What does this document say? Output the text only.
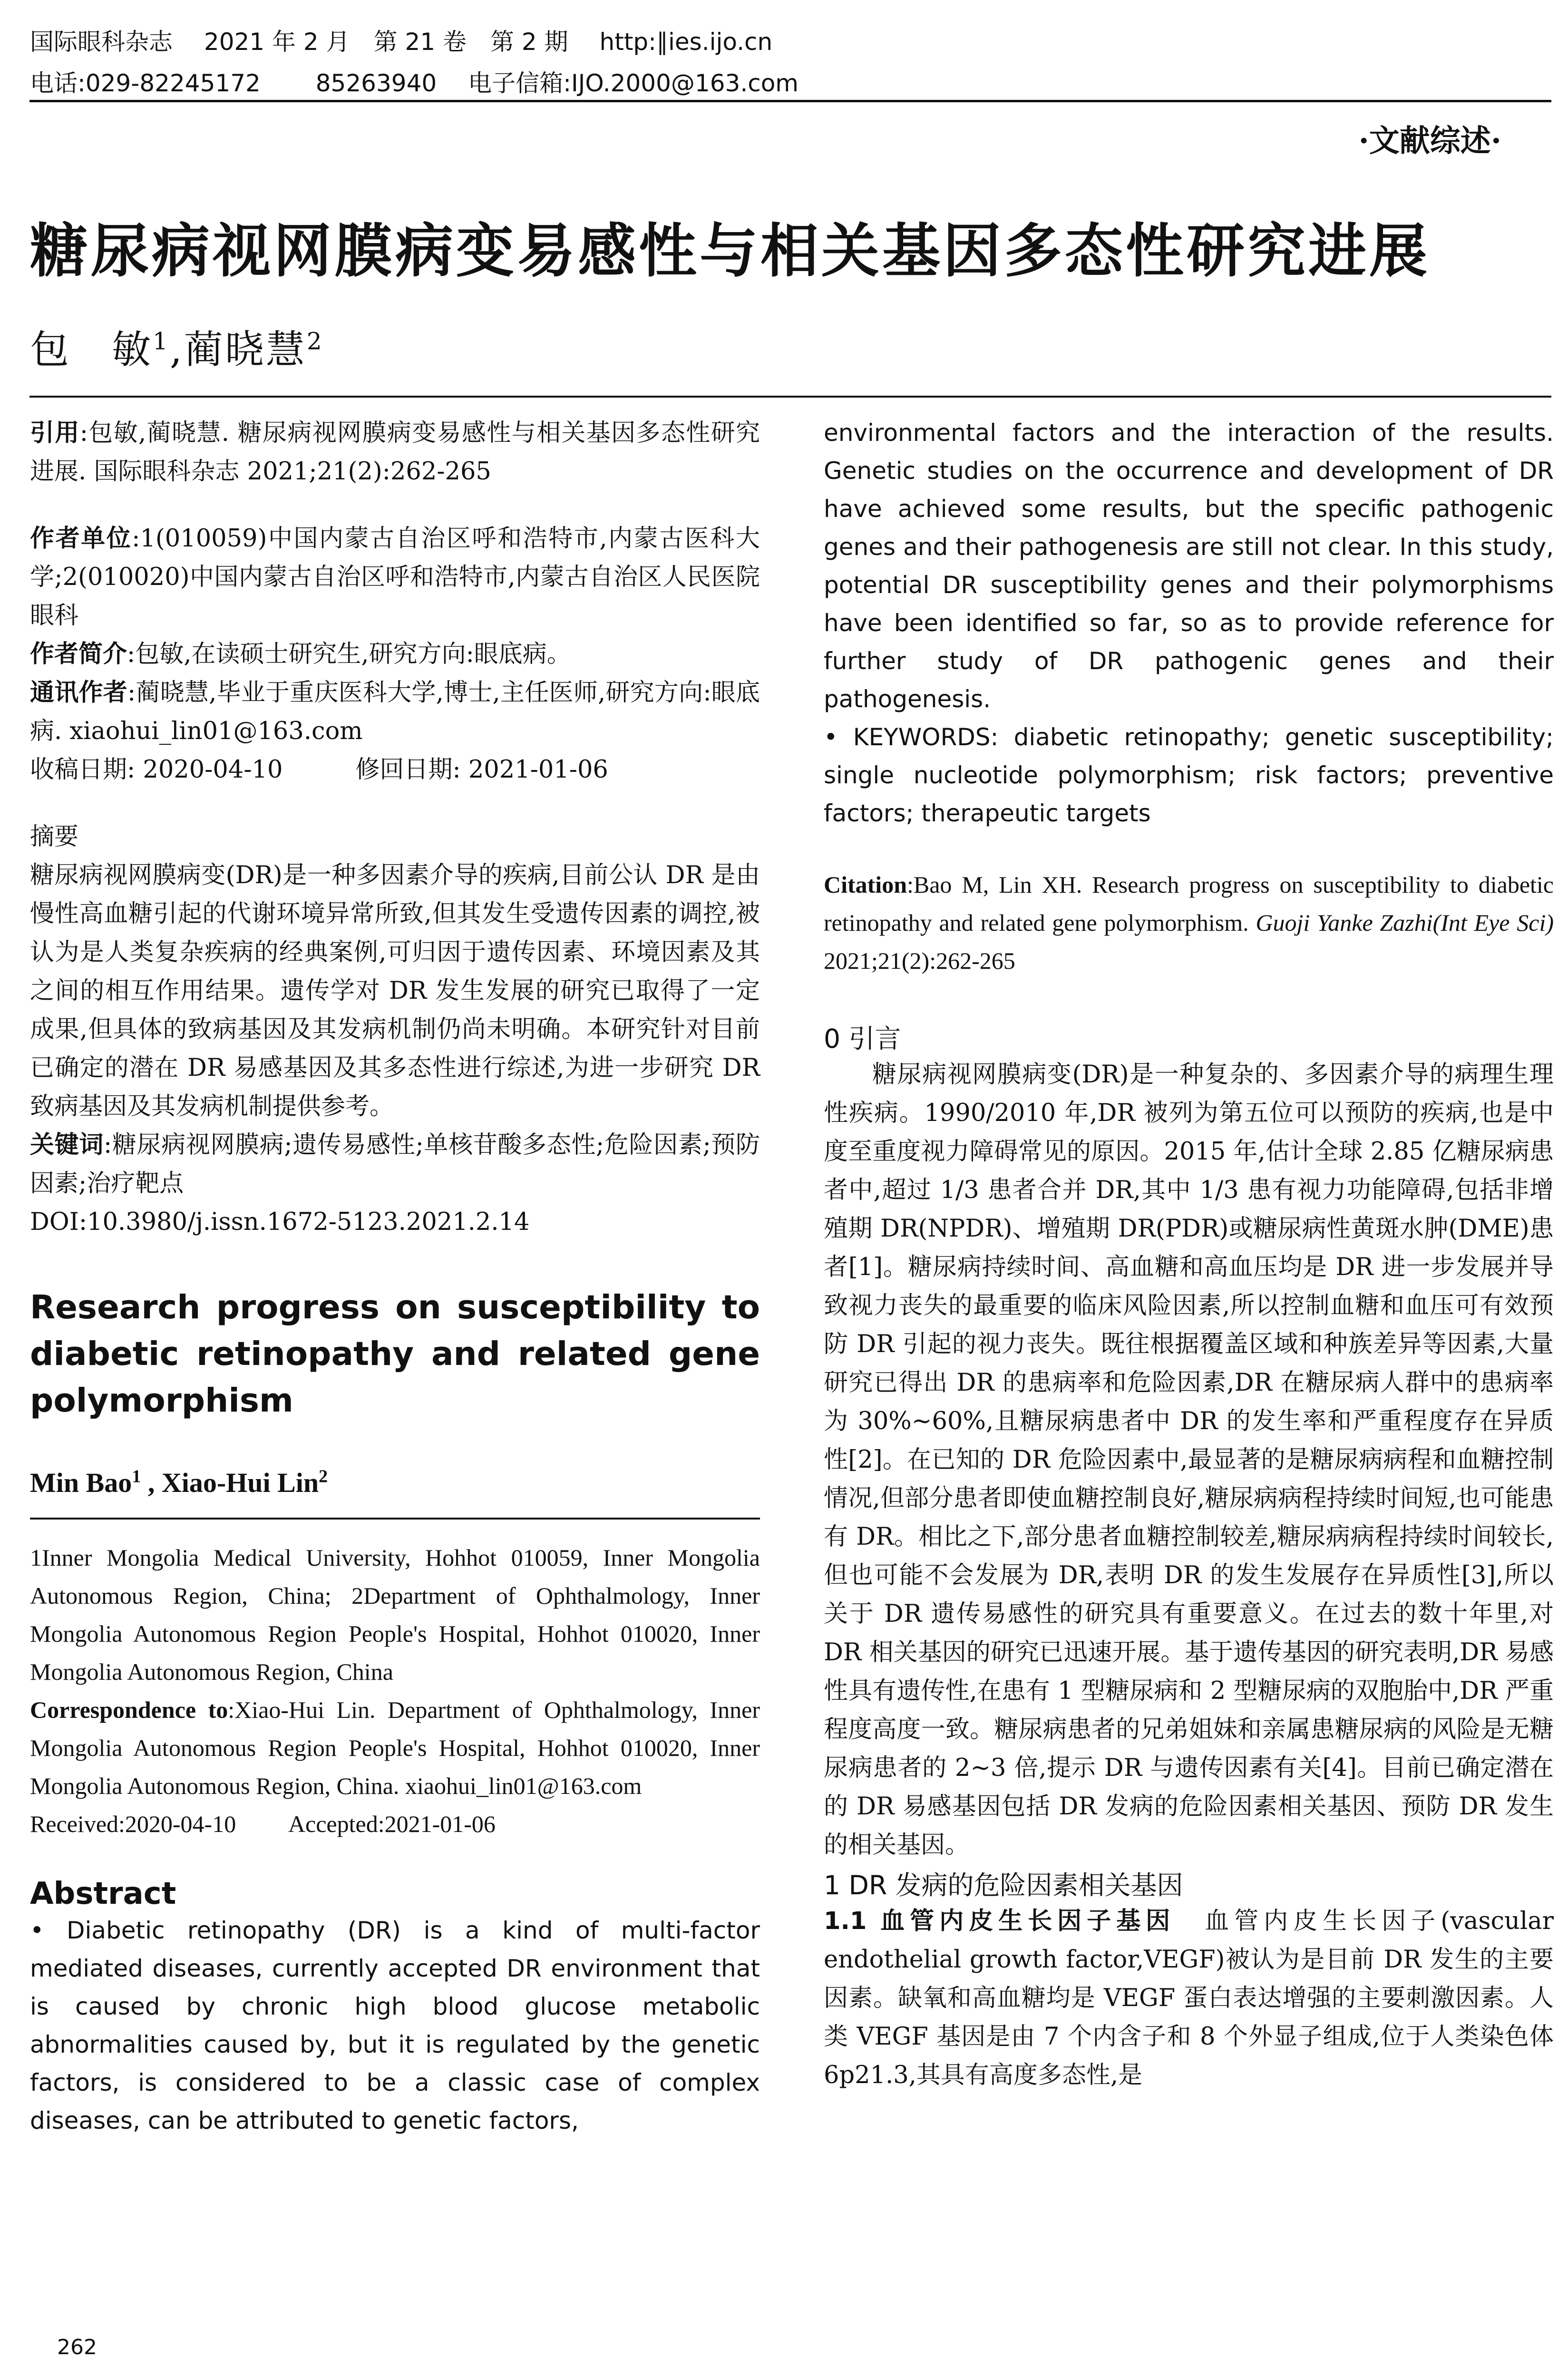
国际眼科杂志　 2021 年 2 月　第 21 卷　第 2 期　 http:∥ies.ijo.cn
电话:029-82245172　　 85263940　 电子信箱:IJO.2000@163.com
·文献综述·
糖尿病视网膜病变易感性与相关基因多态性研究进展
包　敏$^1$,蔺晓慧$^2$

引用:包敏,蔺晓慧. 糖尿病视网膜病变易感性与相关基因多态性研究进展. 国际眼科杂志 2021;21(2):262-265

作者单位:1(010059)中国内蒙古自治区呼和浩特市,内蒙古医科大学;2(010020)中国内蒙古自治区呼和浩特市,内蒙古自治区人民医院眼科

作者简介:包敏,在读硕士研究生,研究方向:眼底病。

通讯作者:蔺晓慧,毕业于重庆医科大学,博士,主任医师,研究方向:眼底病. xiaohui_lin01@163.com

收稿日期: 2020-04-10　　　修回日期: 2021-01-06

摘要

糖尿病视网膜病变(DR)是一种多因素介导的疾病,目前公认 DR 是由慢性高血糖引起的代谢环境异常所致,但其发生受遗传因素的调控,被认为是人类复杂疾病的经典案例,可归因于遗传因素、环境因素及其之间的相互作用结果。遗传学对 DR 发生发展的研究已取得了一定成果,但具体的致病基因及其发病机制仍尚未明确。本研究针对目前已确定的潜在 DR 易感基因及其多态性进行综述,为进一步研究 DR 致病基因及其发病机制提供参考。

关键词:糖尿病视网膜病;遗传易感性;单核苷酸多态性;危险因素;预防因素;治疗靶点

DOI:10.3980/j.issn.1672-5123.2021.2.14

Research progress on susceptibility to diabetic retinopathy and related gene polymorphism

Min Bao$^1$ , Xiao-Hui Lin$^2$

1Inner Mongolia Medical University, Hohhot 010059, Inner Mongolia Autonomous Region, China; 2Department of Ophthalmology, Inner Mongolia Autonomous Region People's Hospital, Hohhot 010020, Inner Mongolia Autonomous Region, China

Correspondence to:Xiao-Hui Lin. Department of Ophthalmology, Inner Mongolia Autonomous Region People's Hospital, Hohhot 010020, Inner Mongolia Autonomous Region, China. xiaohui_lin01@163.com

Received:2020-04-10　　 Accepted:2021-01-06

Abstract

• Diabetic retinopathy (DR) is a kind of multi-factor mediated diseases, currently accepted DR environment that is caused by chronic high blood glucose metabolic abnormalities caused by, but it is regulated by the genetic factors, is considered to be a classic case of complex diseases, can be attributed to genetic factors,

environmental factors and the interaction of the results. Genetic studies on the occurrence and development of DR have achieved some results, but the specific pathogenic genes and their pathogenesis are still not clear. In this study, potential DR susceptibility genes and their polymorphisms have been identified so far, so as to provide reference for further study of DR pathogenic genes and their pathogenesis.

• KEYWORDS: diabetic retinopathy; genetic susceptibility; single nucleotide polymorphism; risk factors; preventive factors; therapeutic targets

Citation:Bao M, Lin XH. Research progress on susceptibility to diabetic retinopathy and related gene polymorphism. Guoji Yanke Zazhi(Int Eye Sci) 2021;21(2):262-265

0 引言

糖尿病视网膜病变(DR)是一种复杂的、多因素介导的病理生理性疾病。1990/2010 年,DR 被列为第五位可以预防的疾病,也是中度至重度视力障碍常见的原因。2015 年,估计全球 2.85 亿糖尿病患者中,超过 1/3 患者合并 DR,其中 1/3 患有视力功能障碍,包括非增殖期 DR(NPDR)、增殖期 DR(PDR)或糖尿病性黄斑水肿(DME)患者[1]。糖尿病持续时间、高血糖和高血压均是 DR 进一步发展并导致视力丧失的最重要的临床风险因素,所以控制血糖和血压可有效预防 DR 引起的视力丧失。既往根据覆盖区域和种族差异等因素,大量研究已得出 DR 的患病率和危险因素,DR 在糖尿病人群中的患病率为 30%~60%,且糖尿病患者中 DR 的发生率和严重程度存在异质性[2]。在已知的 DR 危险因素中,最显著的是糖尿病病程和血糖控制情况,但部分患者即使血糖控制良好,糖尿病病程持续时间短,也可能患有 DR。相比之下,部分患者血糖控制较差,糖尿病病程持续时间较长,但也可能不会发展为 DR,表明 DR 的发生发展存在异质性[3],所以关于 DR 遗传易感性的研究具有重要意义。在过去的数十年里,对 DR 相关基因的研究已迅速开展。基于遗传基因的研究表明,DR 易感性具有遗传性,在患有 1 型糖尿病和 2 型糖尿病的双胞胎中,DR 严重程度高度一致。糖尿病患者的兄弟姐妹和亲属患糖尿病的风险是无糖尿病患者的 2~3 倍,提示 DR 与遗传因素有关[4]。目前已确定潜在的 DR 易感基因包括 DR 发病的危险因素相关基因、预防 DR 发生的相关基因。

1 DR 发病的危险因素相关基因

1.1 血管内皮生长因子基因　血管内皮生长因子(vascular endothelial growth factor,VEGF)被认为是目前 DR 发生的主要因素。缺氧和高血糖均是 VEGF 蛋白表达增强的主要刺激因素。人类 VEGF 基因是由 7 个内含子和 8 个外显子组成,位于人类染色体 6p21.3,其具有高度多态性,是

262
